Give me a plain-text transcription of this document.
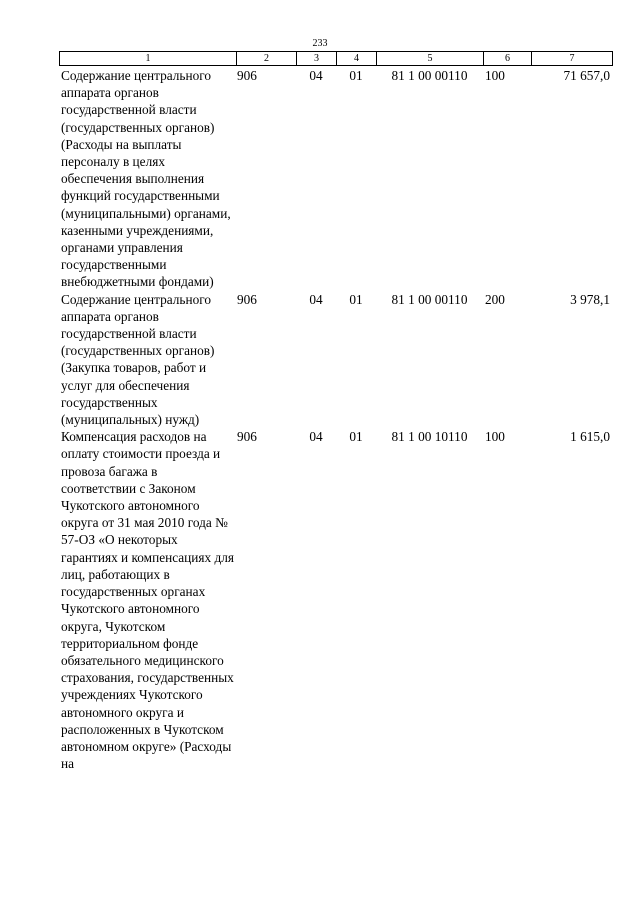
233
1	2	3	4	5	6	7
Содержание центрального аппарата органов государственной власти (государственных органов) (Расходы на выплаты персоналу в целях обеспечения выполнения функций государственными (муниципальными) органами, казенными учреждениями, органами управления государственными внебюджетными фондами)	906	04	01	81 1 00 00110	100	71 657,0
Содержание центрального аппарата органов государственной власти (государственных органов) (Закупка товаров, работ и услуг для обеспечения государственных (муниципальных) нужд)	906	04	01	81 1 00 00110	200	3 978,1
Компенсация расходов на оплату стоимости проезда и провоза багажа в соответствии с Законом Чукотского автономного округа от 31 мая 2010 года № 57-ОЗ «О некоторых гарантиях и компенсациях для лиц, работающих в государственных органах Чукотского автономного округа, Чукотском территориальном фонде обязательного медицинского страхования, государственных учреждениях Чукотского автономного округа и расположенных в Чукотском автономном округе» (Расходы на	906	04	01	81 1 00 10110	100	1 615,0
